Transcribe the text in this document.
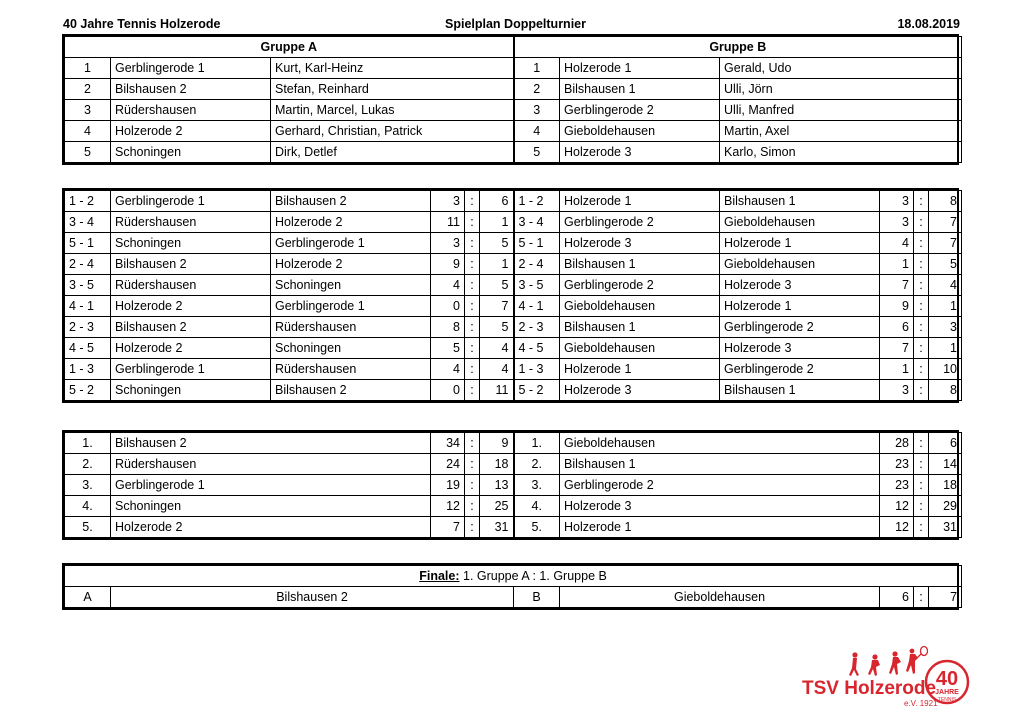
40 Jahre Tennis Holzerode	Spielplan Doppelturnier	18.08.2019
Gruppe A			Gruppe B		
1	Gerblingerode 1	Kurt, Karl-Heinz	1	Holzerode 1	Gerald, Udo
2	Bilshausen 2	Stefan, Reinhard	2	Bilshausen 1	Ulli, Jörn
3	Rüdershausen	Martin, Marcel, Lukas	3	Gerblingerode 2	Ulli, Manfred
4	Holzerode 2	Gerhard, Christian, Patrick	4	Gieboldehausen	Martin, Axel
5	Schoningen	Dirk, Detlef	5	Holzerode 3	Karlo, Simon
1 - 2	Gerblingerode 1	Bilshausen 2	3	:	6	1 - 2	Holzerode 1	Bilshausen 1	3	:	8
3 - 4	Rüdershausen	Holzerode 2	11	:	1	3 - 4	Gerblingerode 2	Gieboldehausen	3	:	7
5 - 1	Schoningen	Gerblingerode 1	3	:	5	5 - 1	Holzerode 3	Holzerode 1	4	:	7
2 - 4	Bilshausen 2	Holzerode 2	9	:	1	2 - 4	Bilshausen 1	Gieboldehausen	1	:	5
3 - 5	Rüdershausen	Schoningen	4	:	5	3 - 5	Gerblingerode 2	Holzerode 3	7	:	4
4 - 1	Holzerode 2	Gerblingerode 1	0	:	7	4 - 1	Gieboldehausen	Holzerode 1	9	:	1
2 - 3	Bilshausen 2	Rüdershausen	8	:	5	2 - 3	Bilshausen 1	Gerblingerode 2	6	:	3
4 - 5	Holzerode 2	Schoningen	5	:	4	4 - 5	Gieboldehausen	Holzerode 3	7	:	1
1 - 3	Gerblingerode 1	Rüdershausen	4	:	4	1 - 3	Holzerode 1	Gerblingerode 2	1	:	10
5 - 2	Schoningen	Bilshausen 2	0	:	11	5 - 2	Holzerode 3	Bilshausen 1	3	:	8
1.	Bilshausen 2	34	:	9	1.	Gieboldehausen	28	:	6
2.	Rüdershausen	24	:	18	2.	Bilshausen 1	23	:	14
3.	Gerblingerode 1	19	:	13	3.	Gerblingerode 2	23	:	18
4.	Schoningen	12	:	25	4.	Holzerode 3	12	:	29
5.	Holzerode 2	7	:	31	5.	Holzerode 1	12	:	31
Finale: 1. Gruppe A : 1. Gruppe B
A	Bilshausen 2	B	Gieboldehausen	6	:	7
TSV Holzerode
e.V. 1921
40
JAHRE
TENNIS
